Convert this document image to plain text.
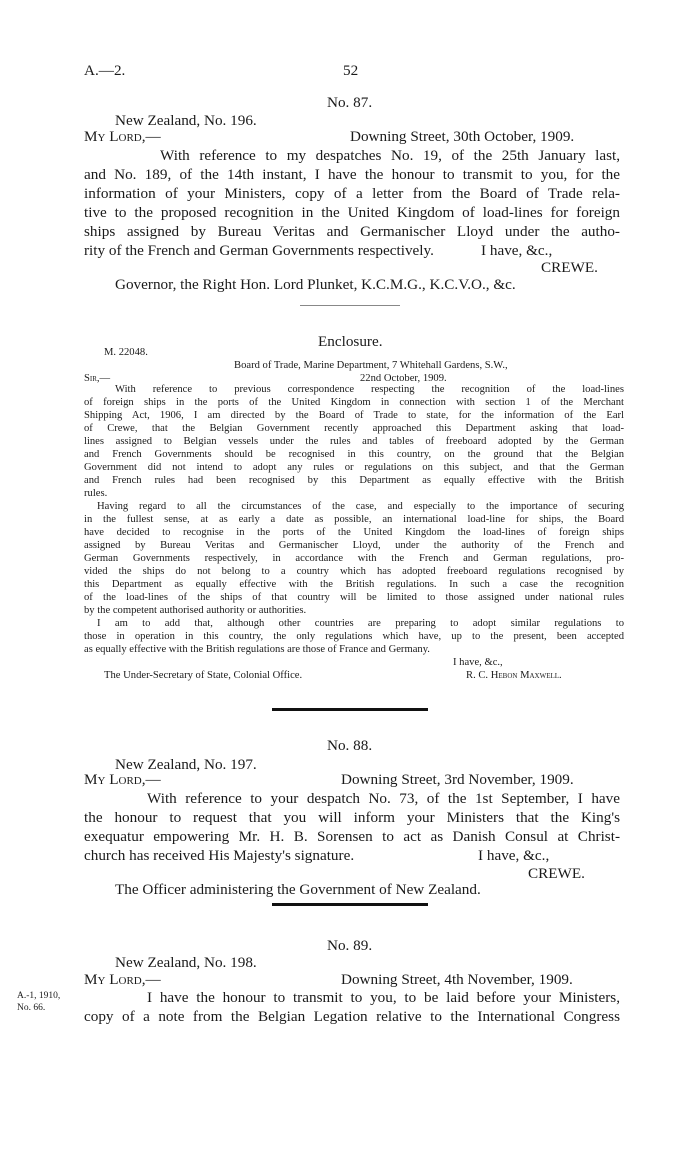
A.—2.	52
No. 87.
New Zealand, No. 196.
My Lord,—	Downing Street, 30th October, 1909.
With reference to my despatches No. 19, of the 25th January last,
and No. 189, of the 14th instant, I have the honour to transmit to you, for the
information of your Ministers, copy of a letter from the Board of Trade rela-
tive to the proposed recognition in the United Kingdom of load-lines for foreign
ships assigned by Bureau Veritas and Germanischer Lloyd under the autho-
rity of the French and German Governments respectively.	I have, &c.,
CREWE.
Governor, the Right Hon. Lord Plunket, K.C.M.G., K.C.V.O., &c.
Enclosure.
M. 22048.
Board of Trade, Marine Department, 7 Whitehall Gardens, S.W.,
Sir,—	22nd October, 1909.
With reference to previous correspondence respecting the recognition of the load-lines
of foreign ships in the ports of the United Kingdom in connection with section 1 of the Merchant
Shipping Act, 1906, I am directed by the Board of Trade to state, for the information of the Earl
of Crewe, that the Belgian Government recently approached this Department asking that load-
lines assigned to Belgian vessels under the rules and tables of freeboard adopted by the German
and French Governments should be recognised in this country, on the ground that the Belgian
Government did not intend to adopt any rules or regulations on this subject, and that the German
and French rules had been recognised by this Department as equally effective with the British
rules.
Having regard to all the circumstances of the case, and especially to the importance of securing
in the fullest sense, at as early a date as possible, an international load-line for ships, the Board
have decided to recognise in the ports of the United Kingdom the load-lines of foreign ships
assigned by Bureau Veritas and Germanischer Lloyd, under the authority of the French and
German Governments respectively, in accordance with the French and German regulations, pro-
vided the ships do not belong to a country which has adopted freeboard regulations recognised by
this Department as equally effective with the British regulations. In such a case the recognition
of the load-lines of the ships of that country will be limited to those assigned under national rules
by the competent authorised authority or authorities.
I am to add that, although other countries are preparing to adopt similar regulations to
those in operation in this country, the only regulations which have, up to the present, been accepted
as equally effective with the British regulations are those of France and Germany.
I have, &c.,
The Under-Secretary of State, Colonial Office.	R. C. Hebon Maxwell.
No. 88.
New Zealand, No. 197.
My Lord,—	Downing Street, 3rd November, 1909.
With reference to your despatch No. 73, of the 1st September, I have
the honour to request that you will inform your Ministers that the King's
exequatur empowering Mr. H. B. Sorensen to act as Danish Consul at Christ-
church has received His Majesty's signature.	I have, &c.,
CREWE.
The Officer administering the Government of New Zealand.
No. 89.
New Zealand, No. 198.
My Lord,—	Downing Street, 4th November, 1909.
A.-1, 1910,
No. 66.
I have the honour to transmit to you, to be laid before your Ministers,
copy of a note from the Belgian Legation relative to the International Congress
